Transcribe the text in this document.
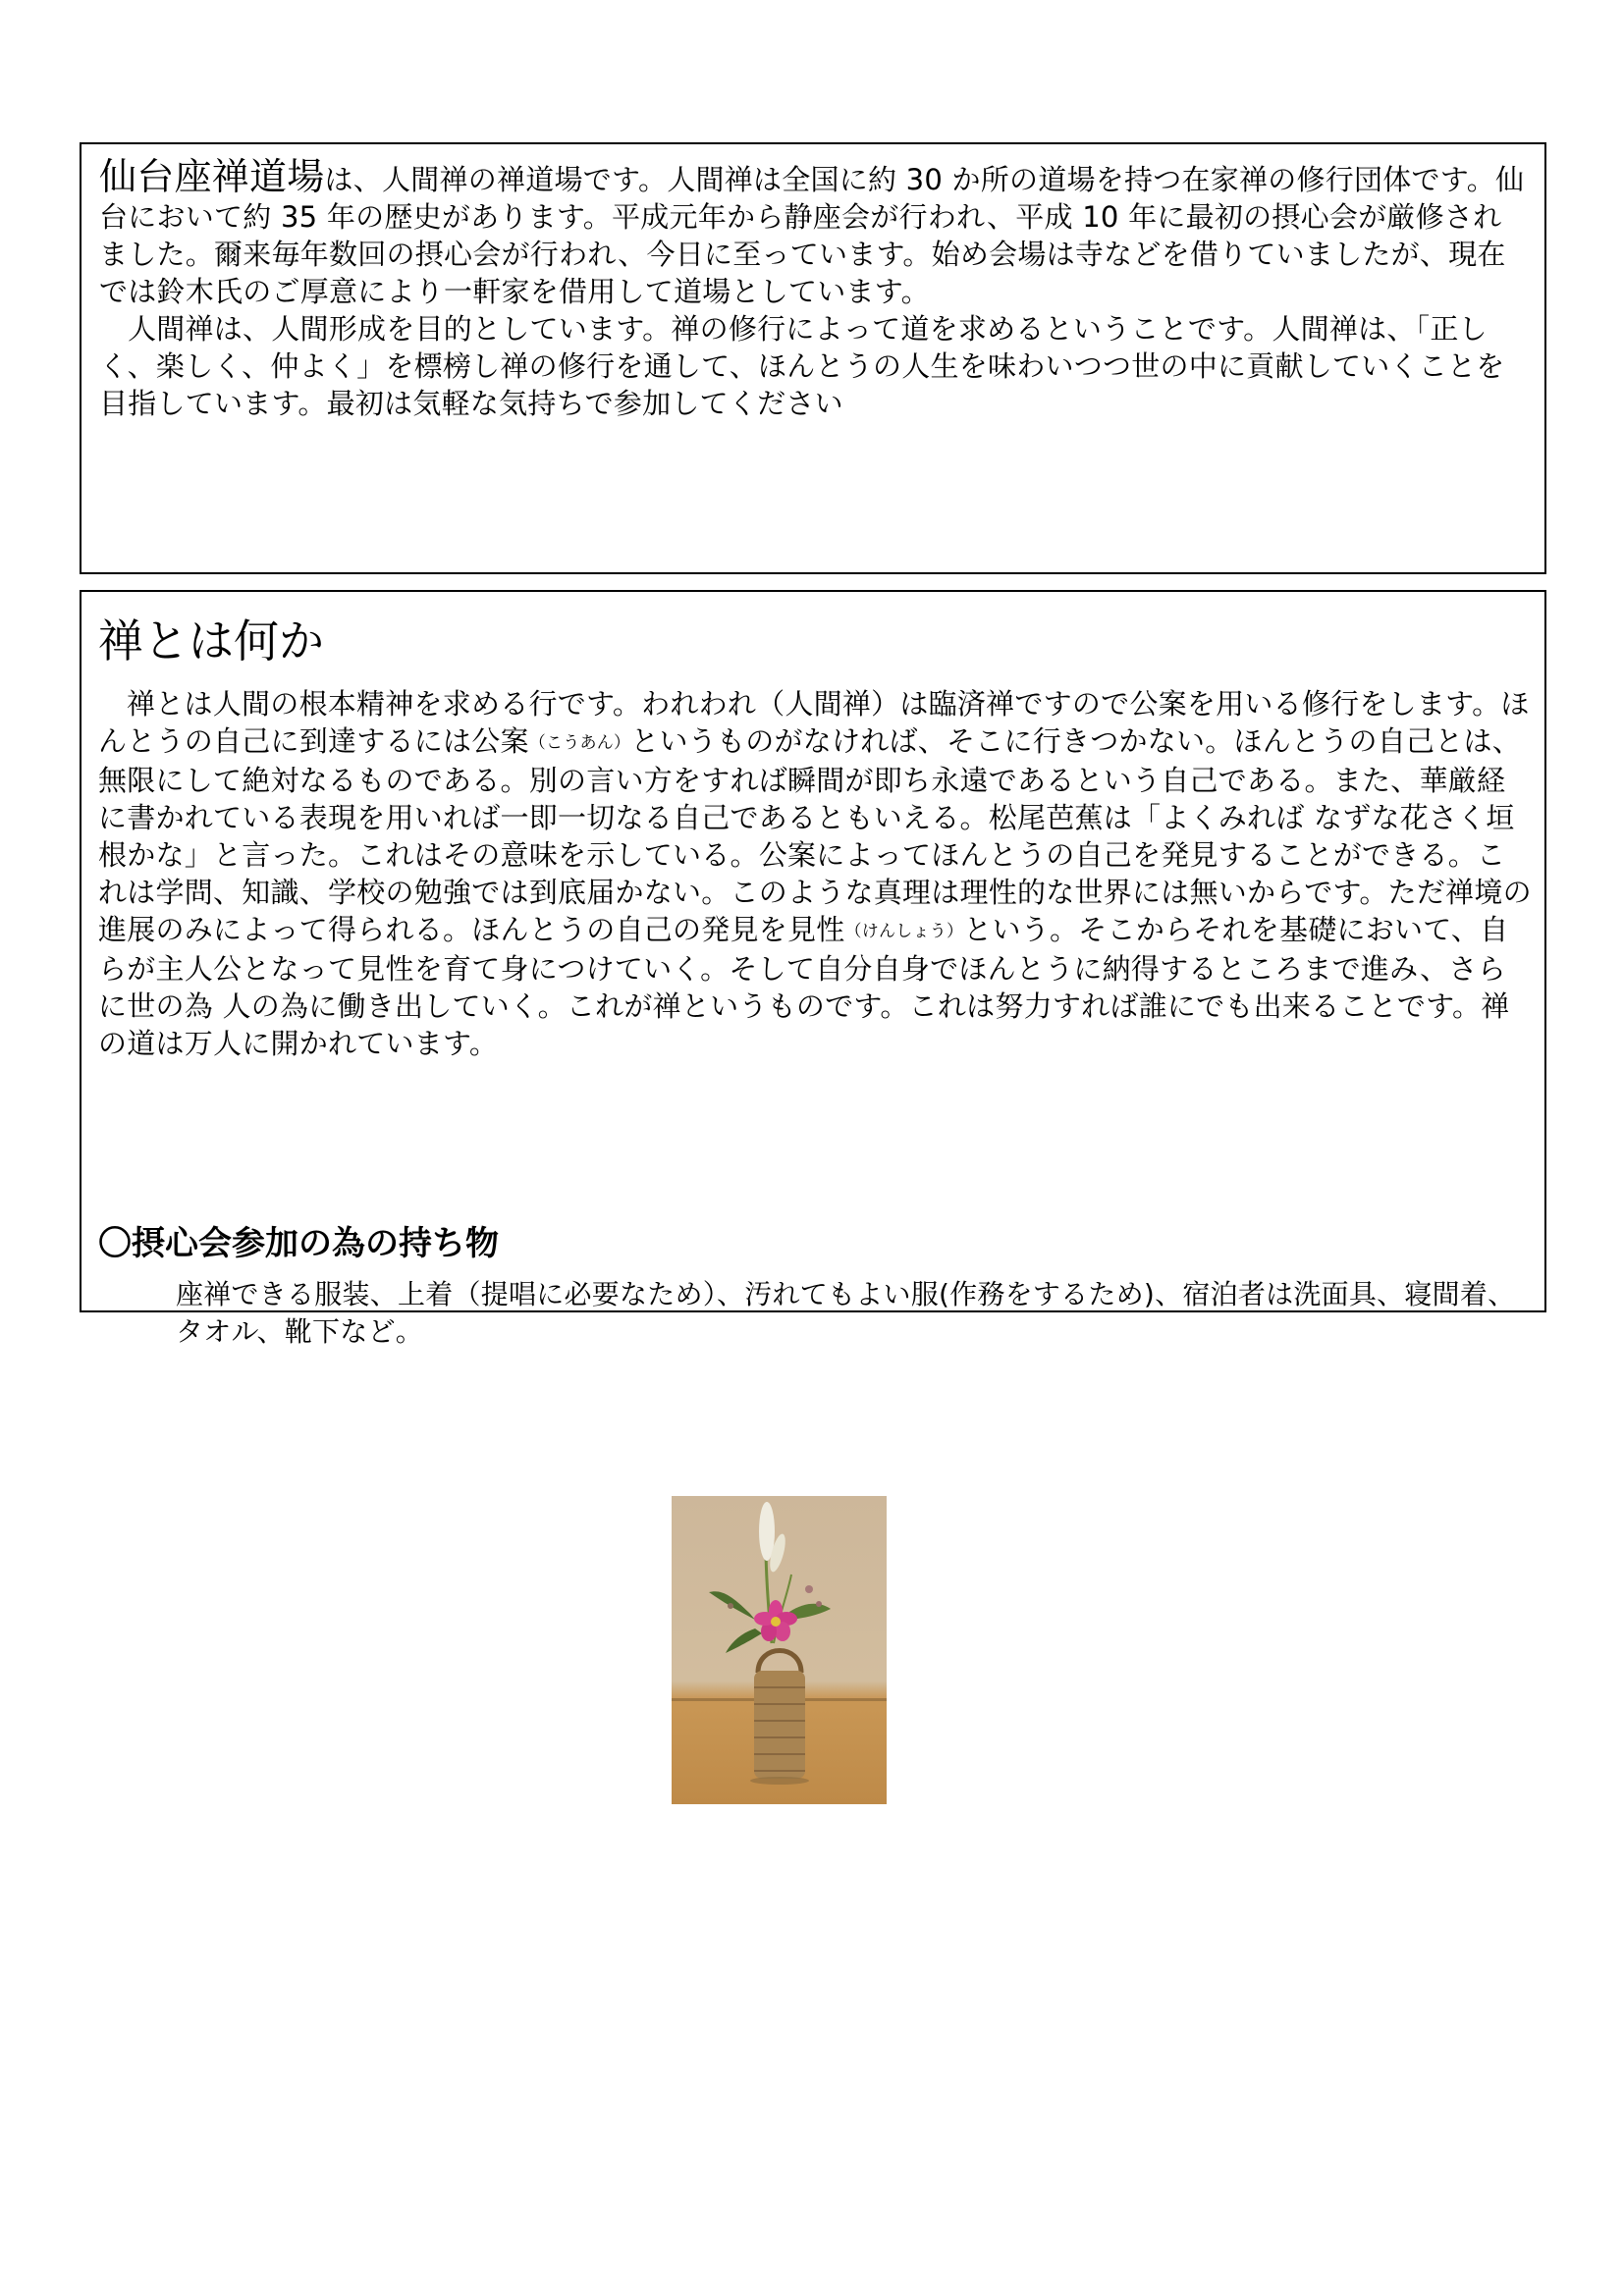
仙台座禅道場は、人間禅の禅道場です。人間禅は全国に約 30 か所の道場を持つ在家禅の修行団体です。仙台において約 35 年の歴史があります。平成元年から静座会が行われ、平成 10 年に最初の摂心会が厳修されました。爾来毎年数回の摂心会が行われ、今日に至っています。始め会場は寺などを借りていましたが、現在では鈴木氏のご厚意により一軒家を借用して道場としています。

人間禅は、人間形成を目的としています。禅の修行によって道を求めるということです。人間禅は、「正しく、楽しく、仲よく」を標榜し禅の修行を通して、ほんとうの人生を味わいつつ世の中に貢献していくことを目指しています。最初は気軽な気持ちで参加してください

禅とは何か

禅とは人間の根本精神を求める行です。われわれ（人間禅）は臨済禅ですので公案を用いる修行をします。ほんとうの自己に到達するには公案（こうあん）というものがなければ、そこに行きつかない。ほんとうの自己とは、無限にして絶対なるものである。別の言い方をすれば瞬間が即ち永遠であるという自己である。また、華厳経に書かれている表現を用いれば一即一切なる自己であるともいえる。松尾芭蕉は「よくみれば なずな花さく垣根かな」と言った。これはその意味を示している。公案によってほんとうの自己を発見することができる。これは学問、知識、学校の勉強では到底届かない。このような真理は理性的な世界には無いからです。ただ禅境の進展のみによって得られる。ほんとうの自己の発見を見性（けんしょう）という。そこからそれを基礎において、自らが主人公となって見性を育て身につけていく。そして自分自身でほんとうに納得するところまで進み、さらに世の為 人の為に働き出していく。これが禅というものです。これは努力すれば誰にでも出来ることです。禅の道は万人に開かれています。

〇摂心会参加の為の持ち物

座禅できる服装、上着（提唱に必要なため）、汚れてもよい服(作務をするため)、宿泊者は洗面具、寝間着、タオル、靴下など。
